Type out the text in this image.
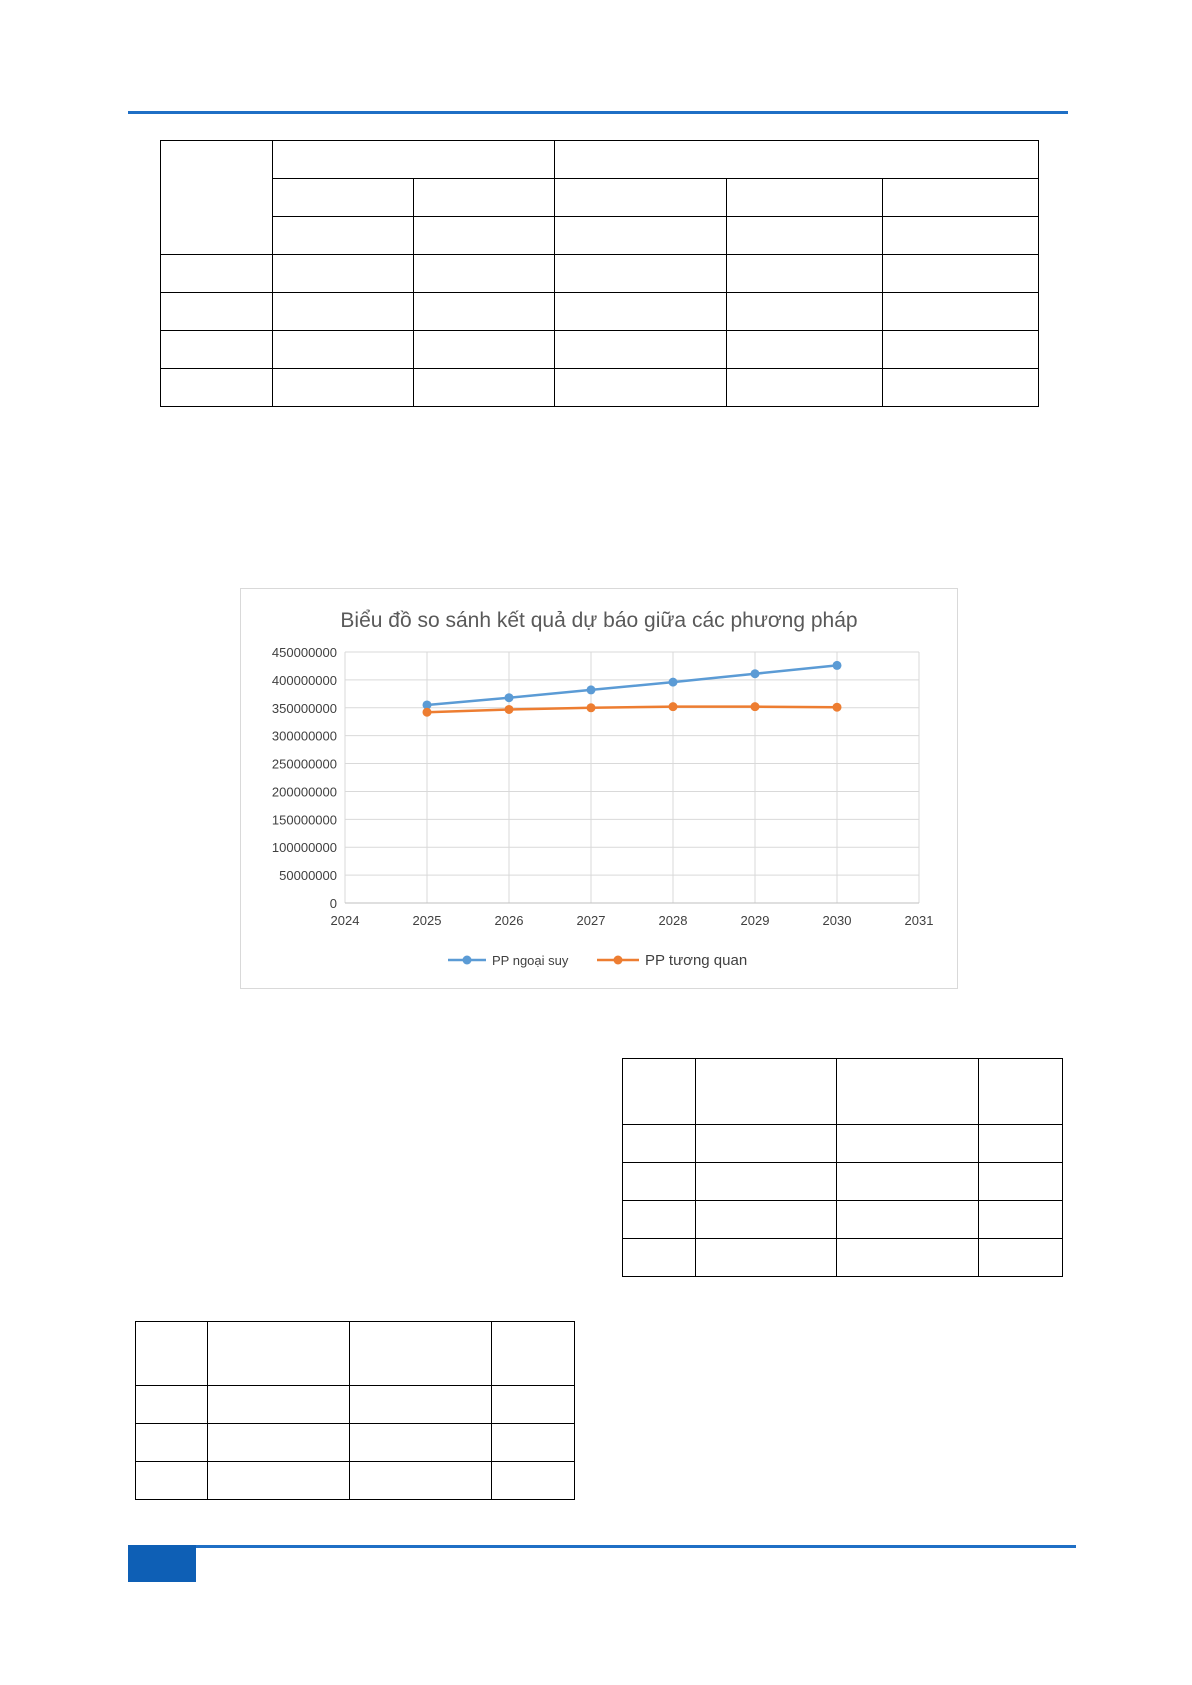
Biểu đồ so sánh kết quả dự báo giữa các phương pháp
0
50000000
100000000
150000000
200000000
250000000
300000000
350000000
400000000
450000000
2024	2025	2026	2027	2028	2029	2030	2031
PP ngoại suy	PP tương quan
